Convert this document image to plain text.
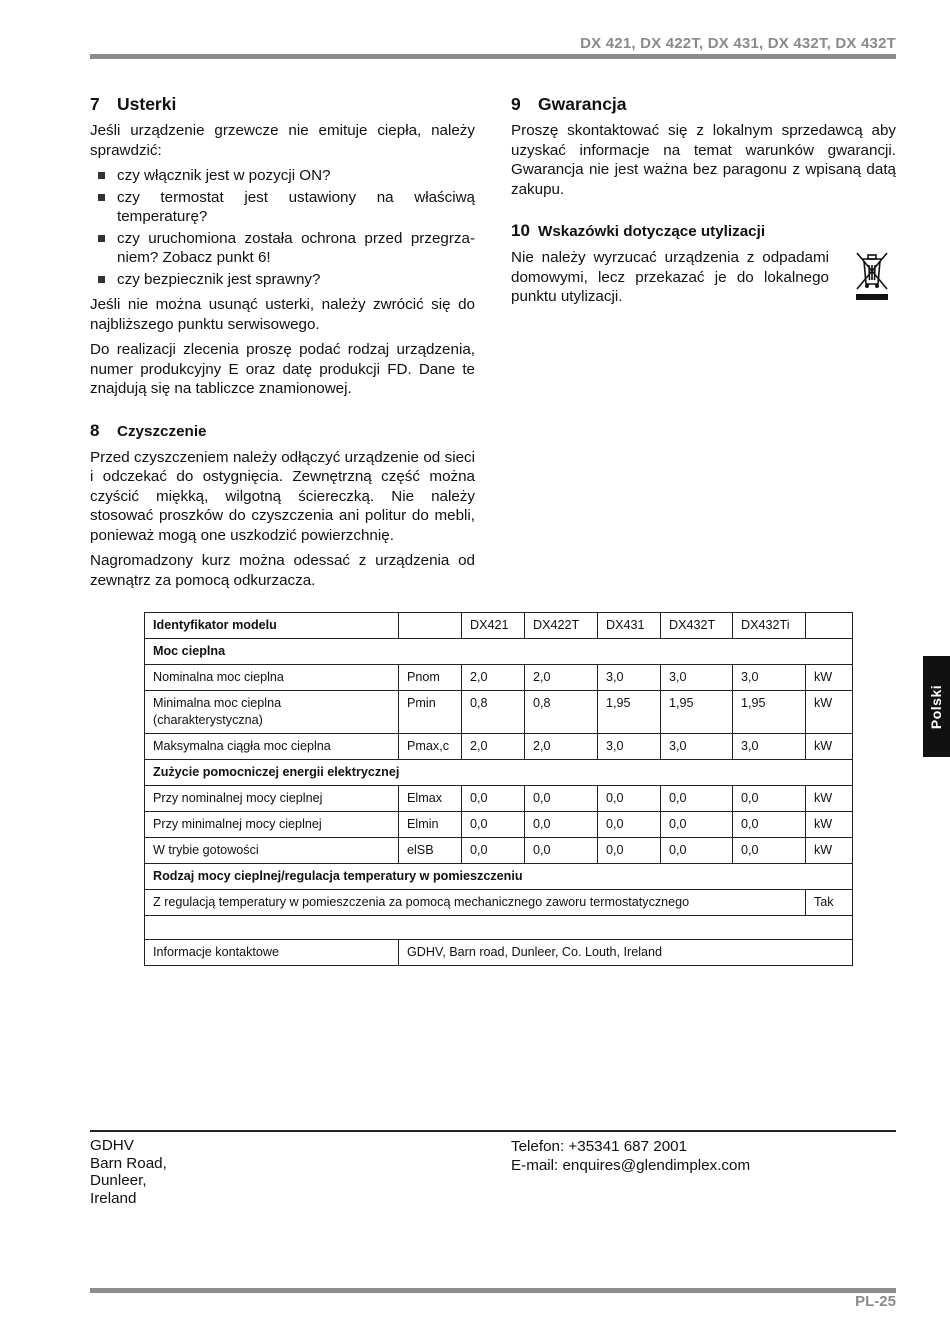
DX 421, DX 422T, DX 431, DX 432T, DX 432T
7 Usterki

Jeśli urządzenie grzewcze nie emituje ciepła, należy sprawdzić:

czy włącznik jest w pozycji ON?
czy termostat jest ustawiony na właściwą temperaturę?
czy uruchomiona została ochrona przed przegrza-niem? Zobacz punkt 6!
czy bezpiecznik jest sprawny?

Jeśli nie można usunąć usterki, należy zwrócić się do najbliższego punktu serwisowego.

Do realizacji zlecenia proszę podać rodzaj urządzenia, numer produkcyjny E oraz datę produkcji FD. Dane te znajdują się na tabliczce znamionowej.

8 Czyszczenie

Przed czyszczeniem należy odłączyć urządzenie od sieci i odczekać do ostygnięcia. Zewnętrzną część można czyścić miękką, wilgotną ściereczką. Nie należy stosować proszków do czyszczenia ani politur do mebli, ponieważ mogą one uszkodzić powierzchnię.

Nagromadzony kurz można odessać z urządzenia od zewnątrz za pomocą odkurzacza.

9 Gwarancja

Proszę skontaktować się z lokalnym sprzedawcą aby uzyskać informacje na temat warunków gwarancji. Gwarancja nie jest ważna bez paragonu z wpisaną datą zakupu.

10 Wskazówki dotyczące utylizacji

Nie należy wyrzucać urządzenia z odpadami domowymi, lecz przekazać je do lokalnego punktu utylizacji.

Polski
Identyfikator modelu		DX421	DX422T	DX431	DX432T	DX432Ti	
Moc cieplna							
Nominalna moc cieplna	Pnom	2,0	2,0	3,0	3,0	3,0	kW
Minimalna moc cieplna (charakterystyczna)	Pmin	0,8	0,8	1,95	1,95	1,95	kW
Maksymalna ciągła moc cieplna	Pmax,c	2,0	2,0	3,0	3,0	3,0	kW
Zużycie pomocniczej energii elektrycznej							
Przy nominalnej mocy cieplnej	Elmax	0,0	0,0	0,0	0,0	0,0	kW
Przy minimalnej mocy cieplnej	Elmin	0,0	0,0	0,0	0,0	0,0	kW
W trybie gotowości	elSB	0,0	0,0	0,0	0,0	0,0	kW
Rodzaj mocy cieplnej/regulacja temperatury w pomieszczeniu							
Z regulacją temperatury w pomieszczenia za pomocą mechanicznego zaworu termostatycznego							Tak

Informacje kontaktowe	GDHV, Barn road, Dunleer, Co. Louth, Ireland						
GDHV
Barn Road,
Dunleer,
Ireland
Telefon: +35341 687 2001
E-mail: enquires@glendimplex.com
PL-25
